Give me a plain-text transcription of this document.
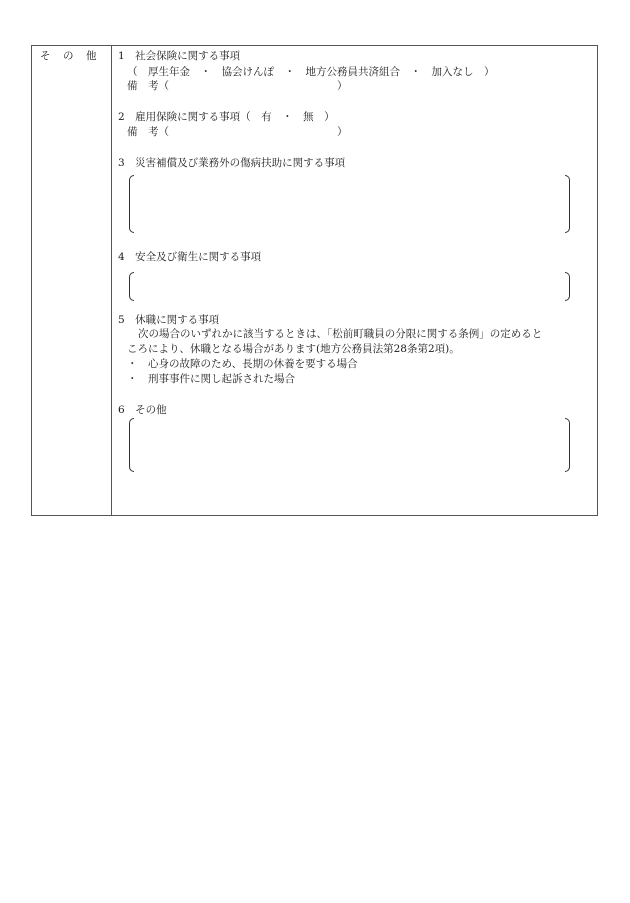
そ　の　他 1　社会保険に関する事項
（　厚生年金　・　協会けんぽ　・　地方公務員共済組合　・　加入なし　）
備　考（　　　　　　　　　　　　　　　　）
2　雇用保険に関する事項（　有　・　無　）
備　考（　　　　　　　　　　　　　　　　）
3　災害補償及び業務外の傷病扶助に関する事項
4　安全及び衛生に関する事項
5　休職に関する事項
次の場合のいずれかに該当するときは、「松前町職員の分限に関する条例」の定めると
ころにより、休職となる場合があります(地方公務員法第28条第2項)。
・　心身の故障のため、長期の休養を要する場合
・　刑事事件に関し起訴された場合
6　その他
